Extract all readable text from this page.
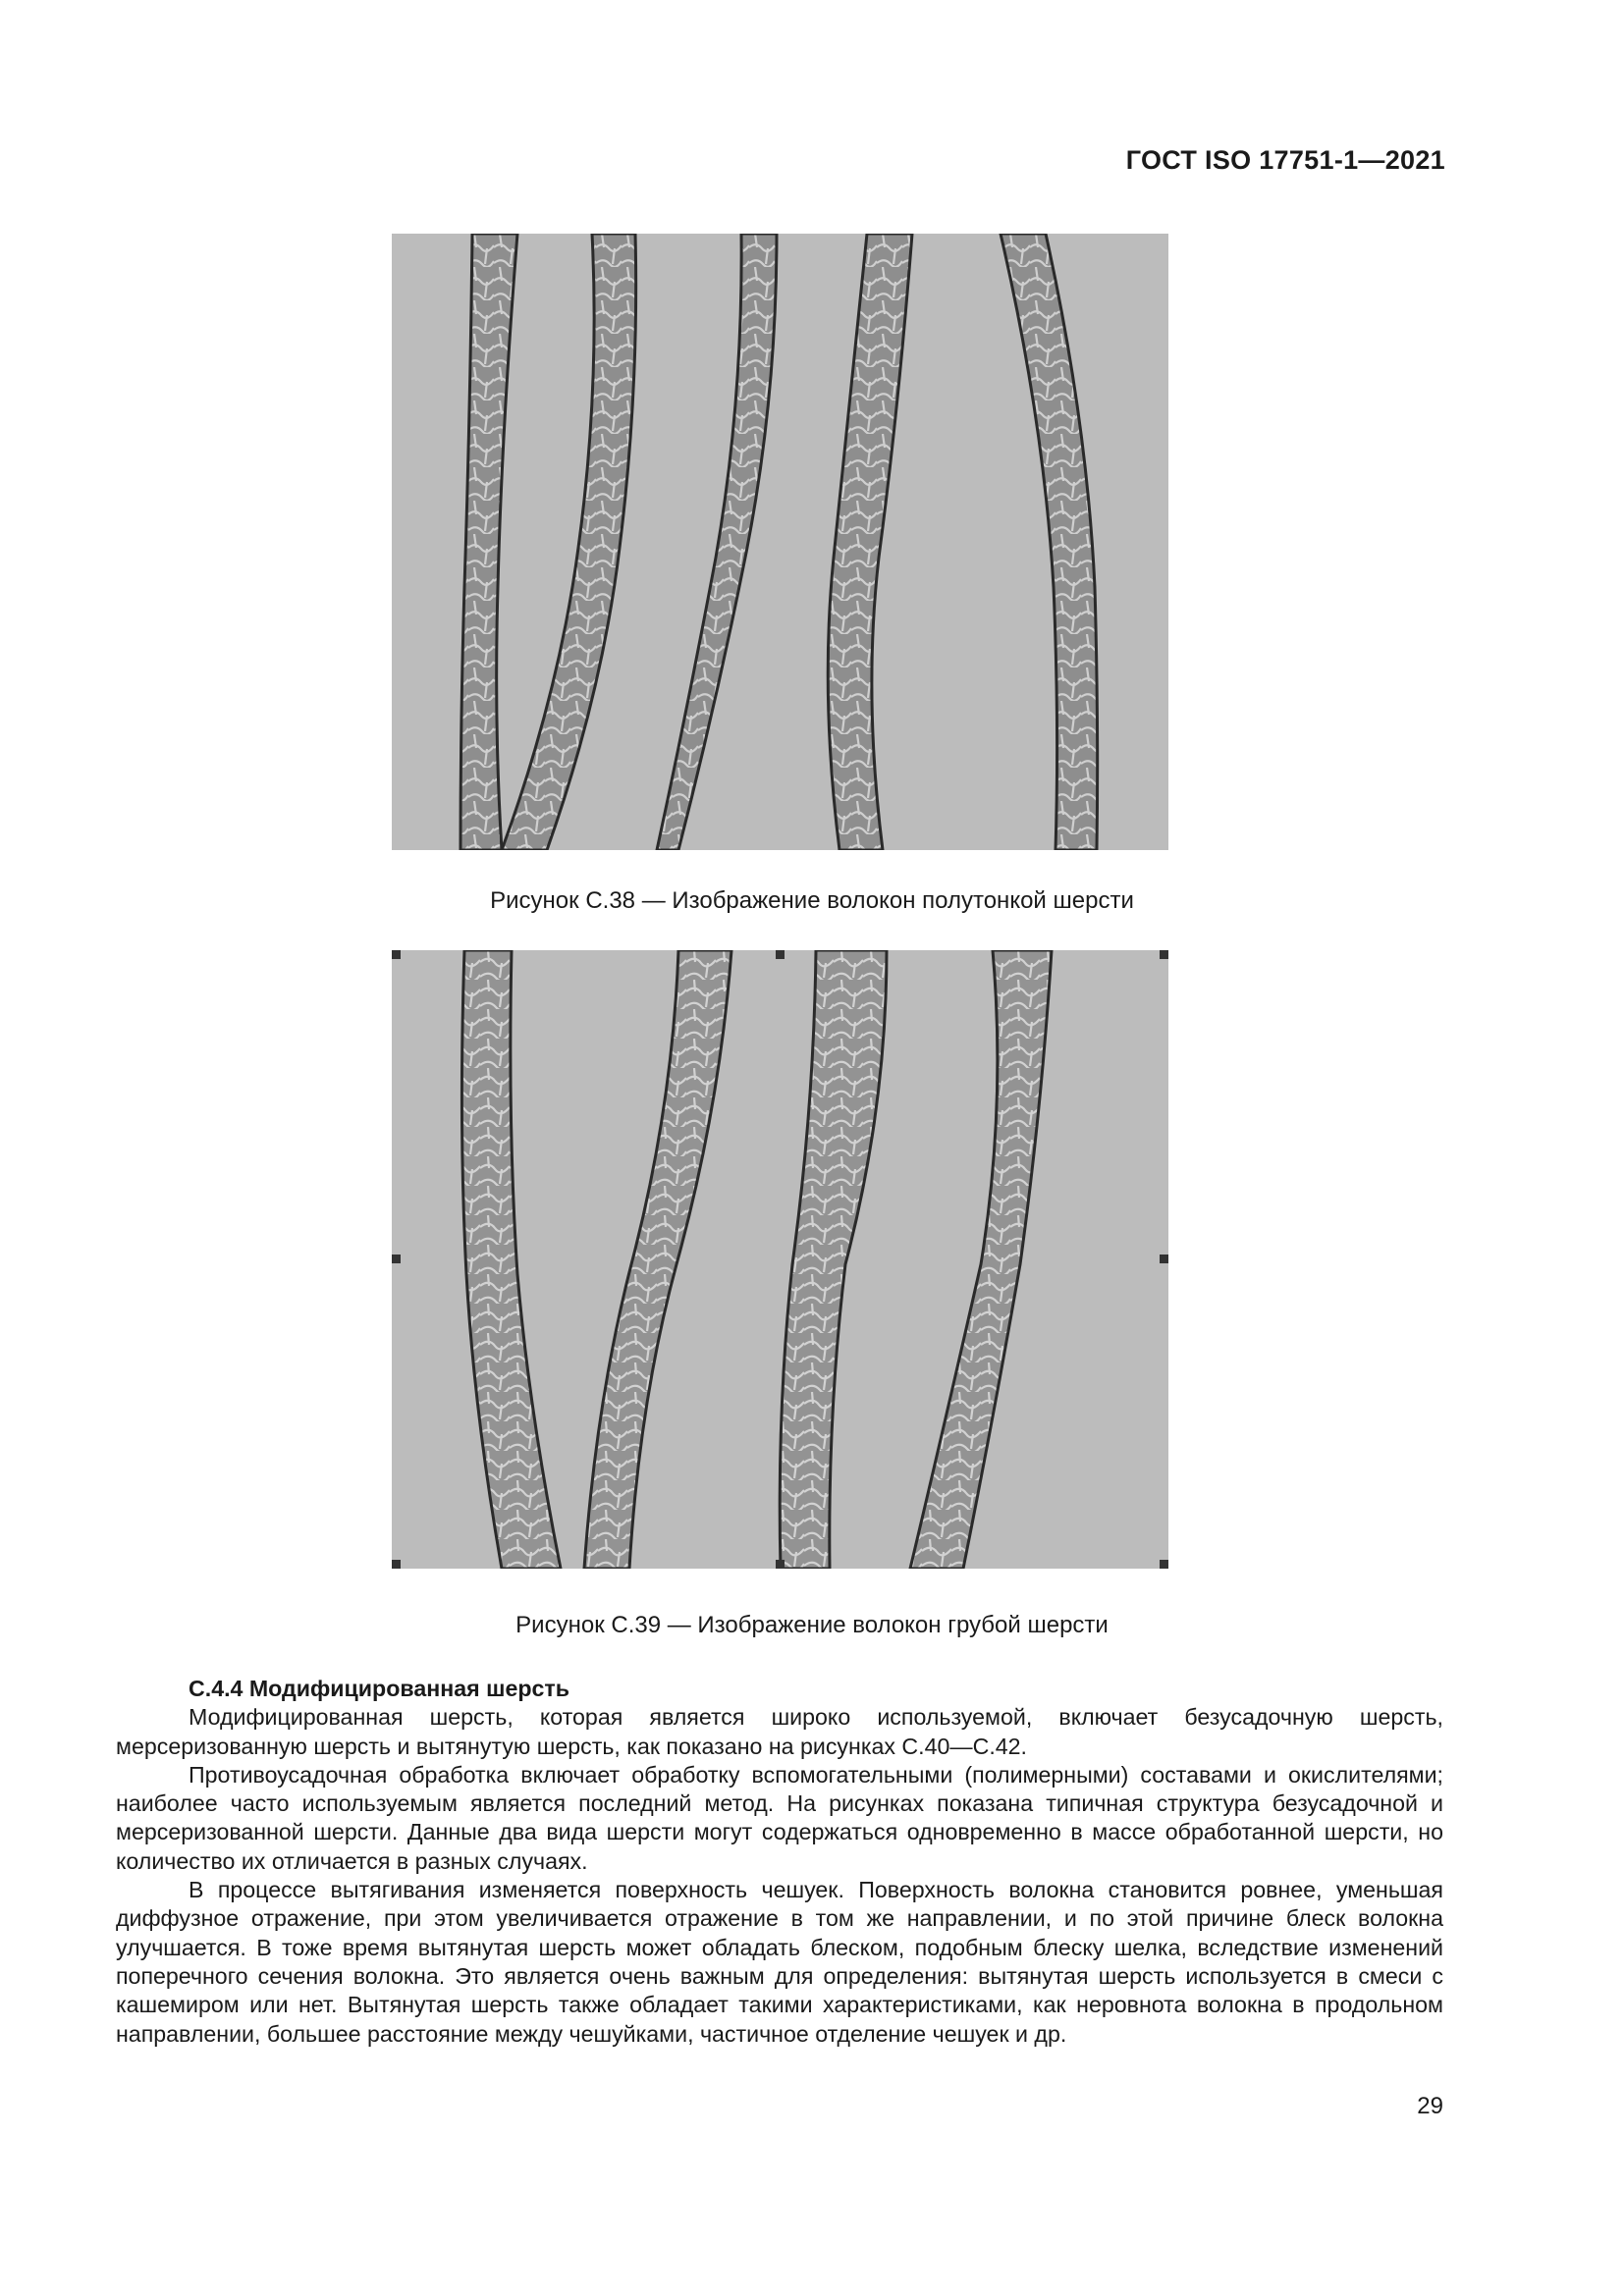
ГОСТ ISO 17751-1—2021
Рисунок С.38 — Изображение волокон полутонкой шерсти
Рисунок С.39 — Изображение волокон грубой шерсти

С.4.4 Модифицированная шерсть

Модифицированная шерсть, которая является широко используемой, включает безусадочную шерсть, мерсеризованную шерсть и вытянутую шерсть, как показано на рисунках С.40—С.42.

Противоусадочная обработка включает обработку вспомогательными (полимерными) составами и окислителями; наиболее часто используемым является последний метод. На рисунках показана типичная структура безусадочной и мерсеризованной шерсти. Данные два вида шерсти могут содержаться одновременно в массе обработанной шерсти, но количество их отличается в разных случаях.

В процессе вытягивания изменяется поверхность чешуек. Поверхность волокна становится ровнее, уменьшая диффузное отражение, при этом увеличивается отражение в том же направлении, и по этой причине блеск волокна улучшается. В тоже время вытянутая шерсть может обладать блеском, подобным блеску шелка, вследствие изменений поперечного сечения волокна. Это является очень важным для определения: вытянутая шерсть используется в смеси с кашемиром или нет. Вытянутая шерсть также обладает такими характеристиками, как неровнота волокна в продольном направлении, большее расстояние между чешуйками, частичное отделение чешуек и др.

29
